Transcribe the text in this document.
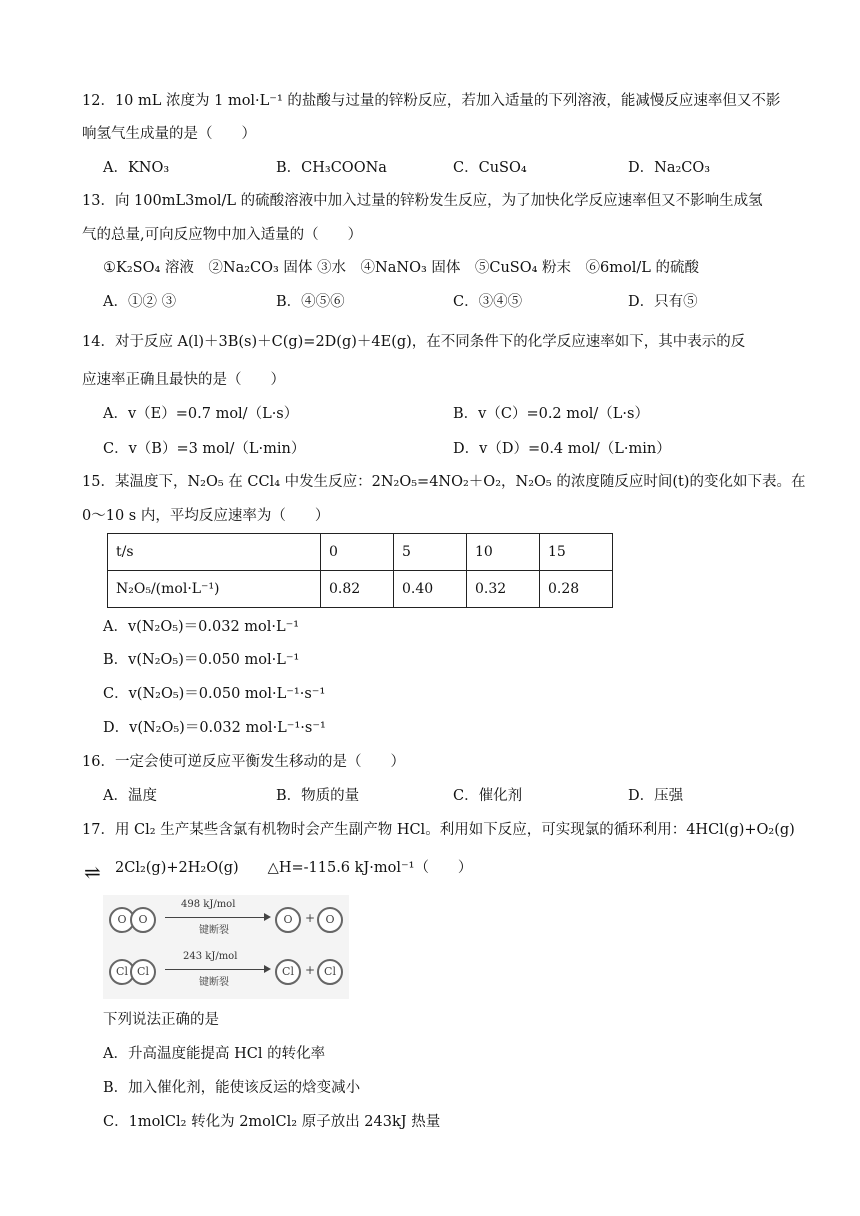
12．10 mL 浓度为 1 mol·L⁻¹ 的盐酸与过量的锌粉反应，若加入适量的下列溶液，能减慢反应速率但又不影
响氢气生成量的是（　　）
A．KNO₃	B．CH₃COONa	C．CuSO₄	D．Na₂CO₃
13．向 100mL3mol/L 的硫酸溶液中加入过量的锌粉发生反应，为了加快化学反应速率但又不影响生成氢
气的总量,可向反应物中加入适量的（　　）
①K₂SO₄ 溶液　②Na₂CO₃ 固体 ③水　④NaNO₃ 固体　⑤CuSO₄ 粉末　⑥6mol/L 的硫酸
A．①② ③	B．④⑤⑥	C．③④⑤	D．只有⑤
14．对于反应 A(l)＋3B(s)＋C(g)=2D(g)＋4E(g)，在不同条件下的化学反应速率如下，其中表示的反
应速率正确且最快的是（　　）
A．v（E）=0.7 mol/（L·s）	B．v（C）=0.2 mol/（L·s）
C．v（B）=3 mol/（L·min）	D．v（D）=0.4 mol/（L·min）
15．某温度下，N₂O₅ 在 CCl₄ 中发生反应：2N₂O₅=4NO₂＋O₂，N₂O₅ 的浓度随反应时间(t)的变化如下表。在
0～10 s 内，平均反应速率为（　　）
t/s	0	5	10	15
N₂O₅/(mol·L⁻¹)	0.82	0.40	0.32	0.28
A．v(N₂O₅)＝0.032 mol·L⁻¹
B．v(N₂O₅)＝0.050 mol·L⁻¹
C．v(N₂O₅)＝0.050 mol·L⁻¹·s⁻¹
D．v(N₂O₅)＝0.032 mol·L⁻¹·s⁻¹
16．一定会使可逆反应平衡发生移动的是（　　）
A．温度	B．物质的量	C．催化剂	D．压强
17．用 Cl₂ 生产某些含氯有机物时会产生副产物 HCl。利用如下反应，可实现氯的循环利用：4HCl(g)+O₂(g)
⇌ 2Cl₂(g)+2H₂O(g)　　△H=-115.6 kJ·mol⁻¹（　　）
O	O
498 kJ/mol
键断裂
O	+ O
Cl Cl
243 kJ/mol
键断裂
Cl + Cl
下列说法正确的是
A．升高温度能提高 HCl 的转化率
B．加入催化剂，能使该反运的焓变减小
C．1molCl₂ 转化为 2molCl₂ 原子放出 243kJ 热量
